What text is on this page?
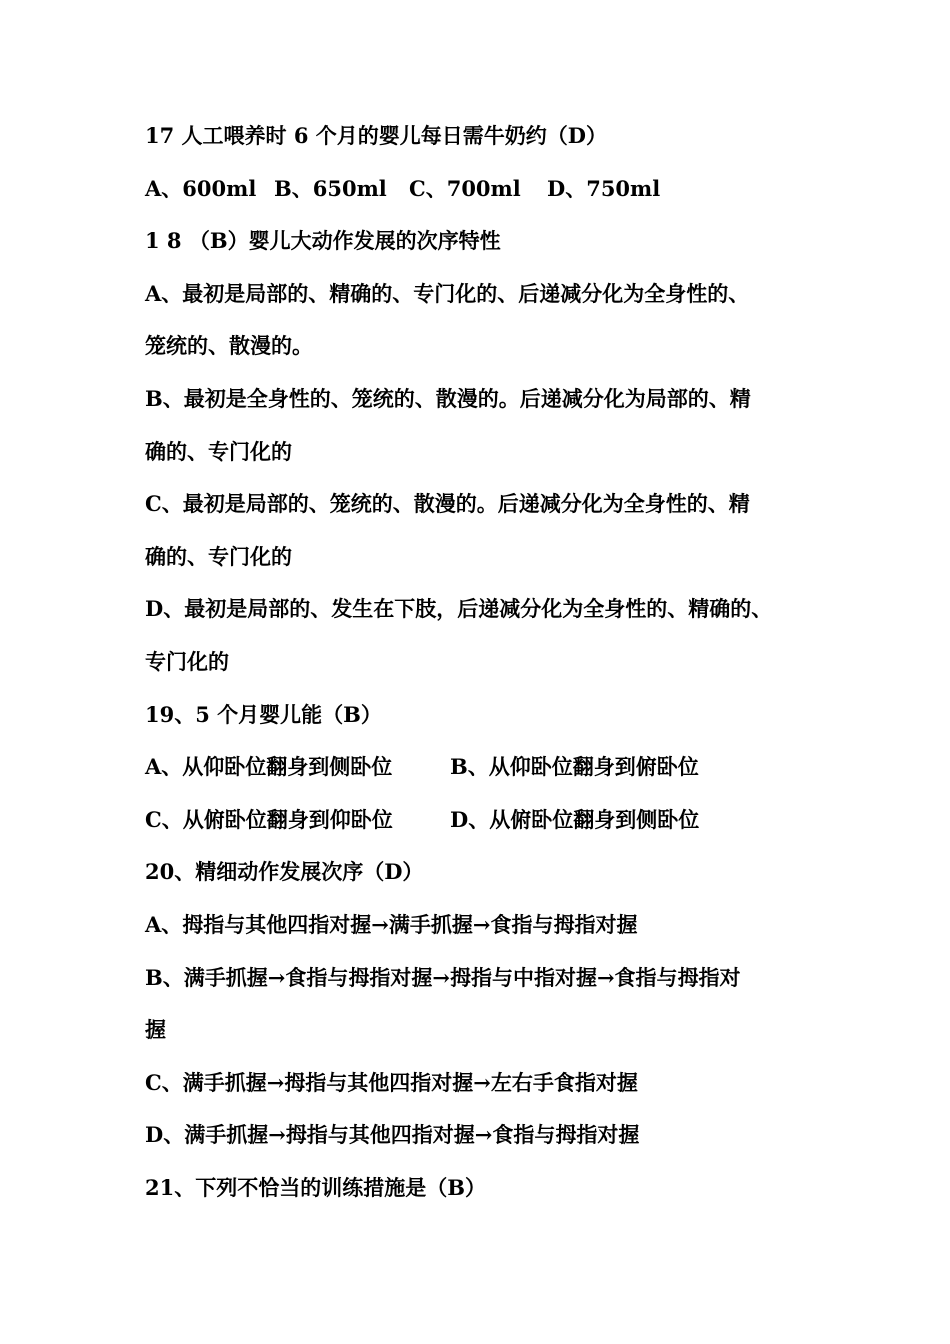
17 人工喂养时 6 个月的婴儿每日需牛奶约（D）
A、600ml B、650ml C、700ml D、750ml
1 8 （B）婴儿大动作发展的次序特性
A、最初是局部的、精确的、专门化的、后递减分化为全身性的、
笼统的、散漫的。
B、最初是全身性的、笼统的、散漫的。后递减分化为局部的、精
确的、专门化的
C、最初是局部的、笼统的、散漫的。后递减分化为全身性的、精
确的、专门化的
D、最初是局部的、发生在下肢，后递减分化为全身性的、精确的、
专门化的
19、5 个月婴儿能（B）
A、从仰卧位翻身到侧卧位	B、从仰卧位翻身到俯卧位
C、从俯卧位翻身到仰卧位	D、从俯卧位翻身到侧卧位
20、精细动作发展次序（D）
A、拇指与其他四指对握→满手抓握→食指与拇指对握
B、满手抓握→食指与拇指对握→拇指与中指对握→食指与拇指对
握
C、满手抓握→拇指与其他四指对握→左右手食指对握
D、满手抓握→拇指与其他四指对握→食指与拇指对握
21、下列不恰当的训练措施是（B）
